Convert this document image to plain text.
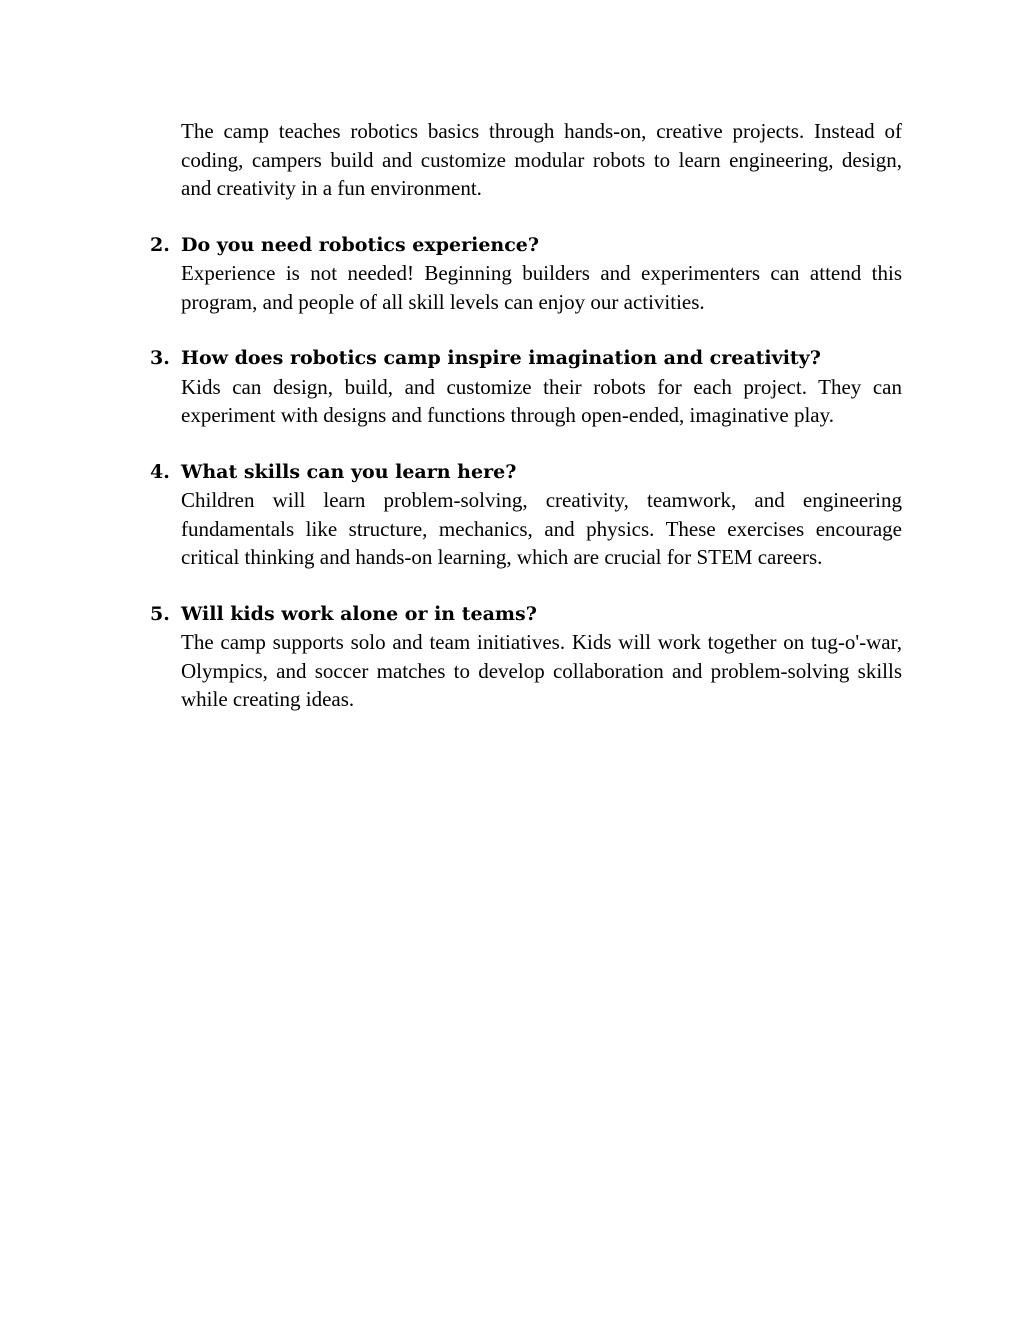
The camp teaches robotics basics through hands-on, creative projects. Instead of coding, campers build and customize modular robots to learn engineering, design, and creativity in a fun environment.

2. Do you need robotics experience?

Experience is not needed! Beginning builders and experimenters can attend this program, and people of all skill levels can enjoy our activities.

3. How does robotics camp inspire imagination and creativity?

Kids can design, build, and customize their robots for each project. They can experiment with designs and functions through open-ended, imaginative play.

4. What skills can you learn here?

Children will learn problem-solving, creativity, teamwork, and engineering fundamentals like structure, mechanics, and physics. These exercises encourage critical thinking and hands-on learning, which are crucial for STEM careers.

5. Will kids work alone or in teams?

The camp supports solo and team initiatives. Kids will work together on tug-o'-war, Olympics, and soccer matches to develop collaboration and problem-solving skills while creating ideas.
